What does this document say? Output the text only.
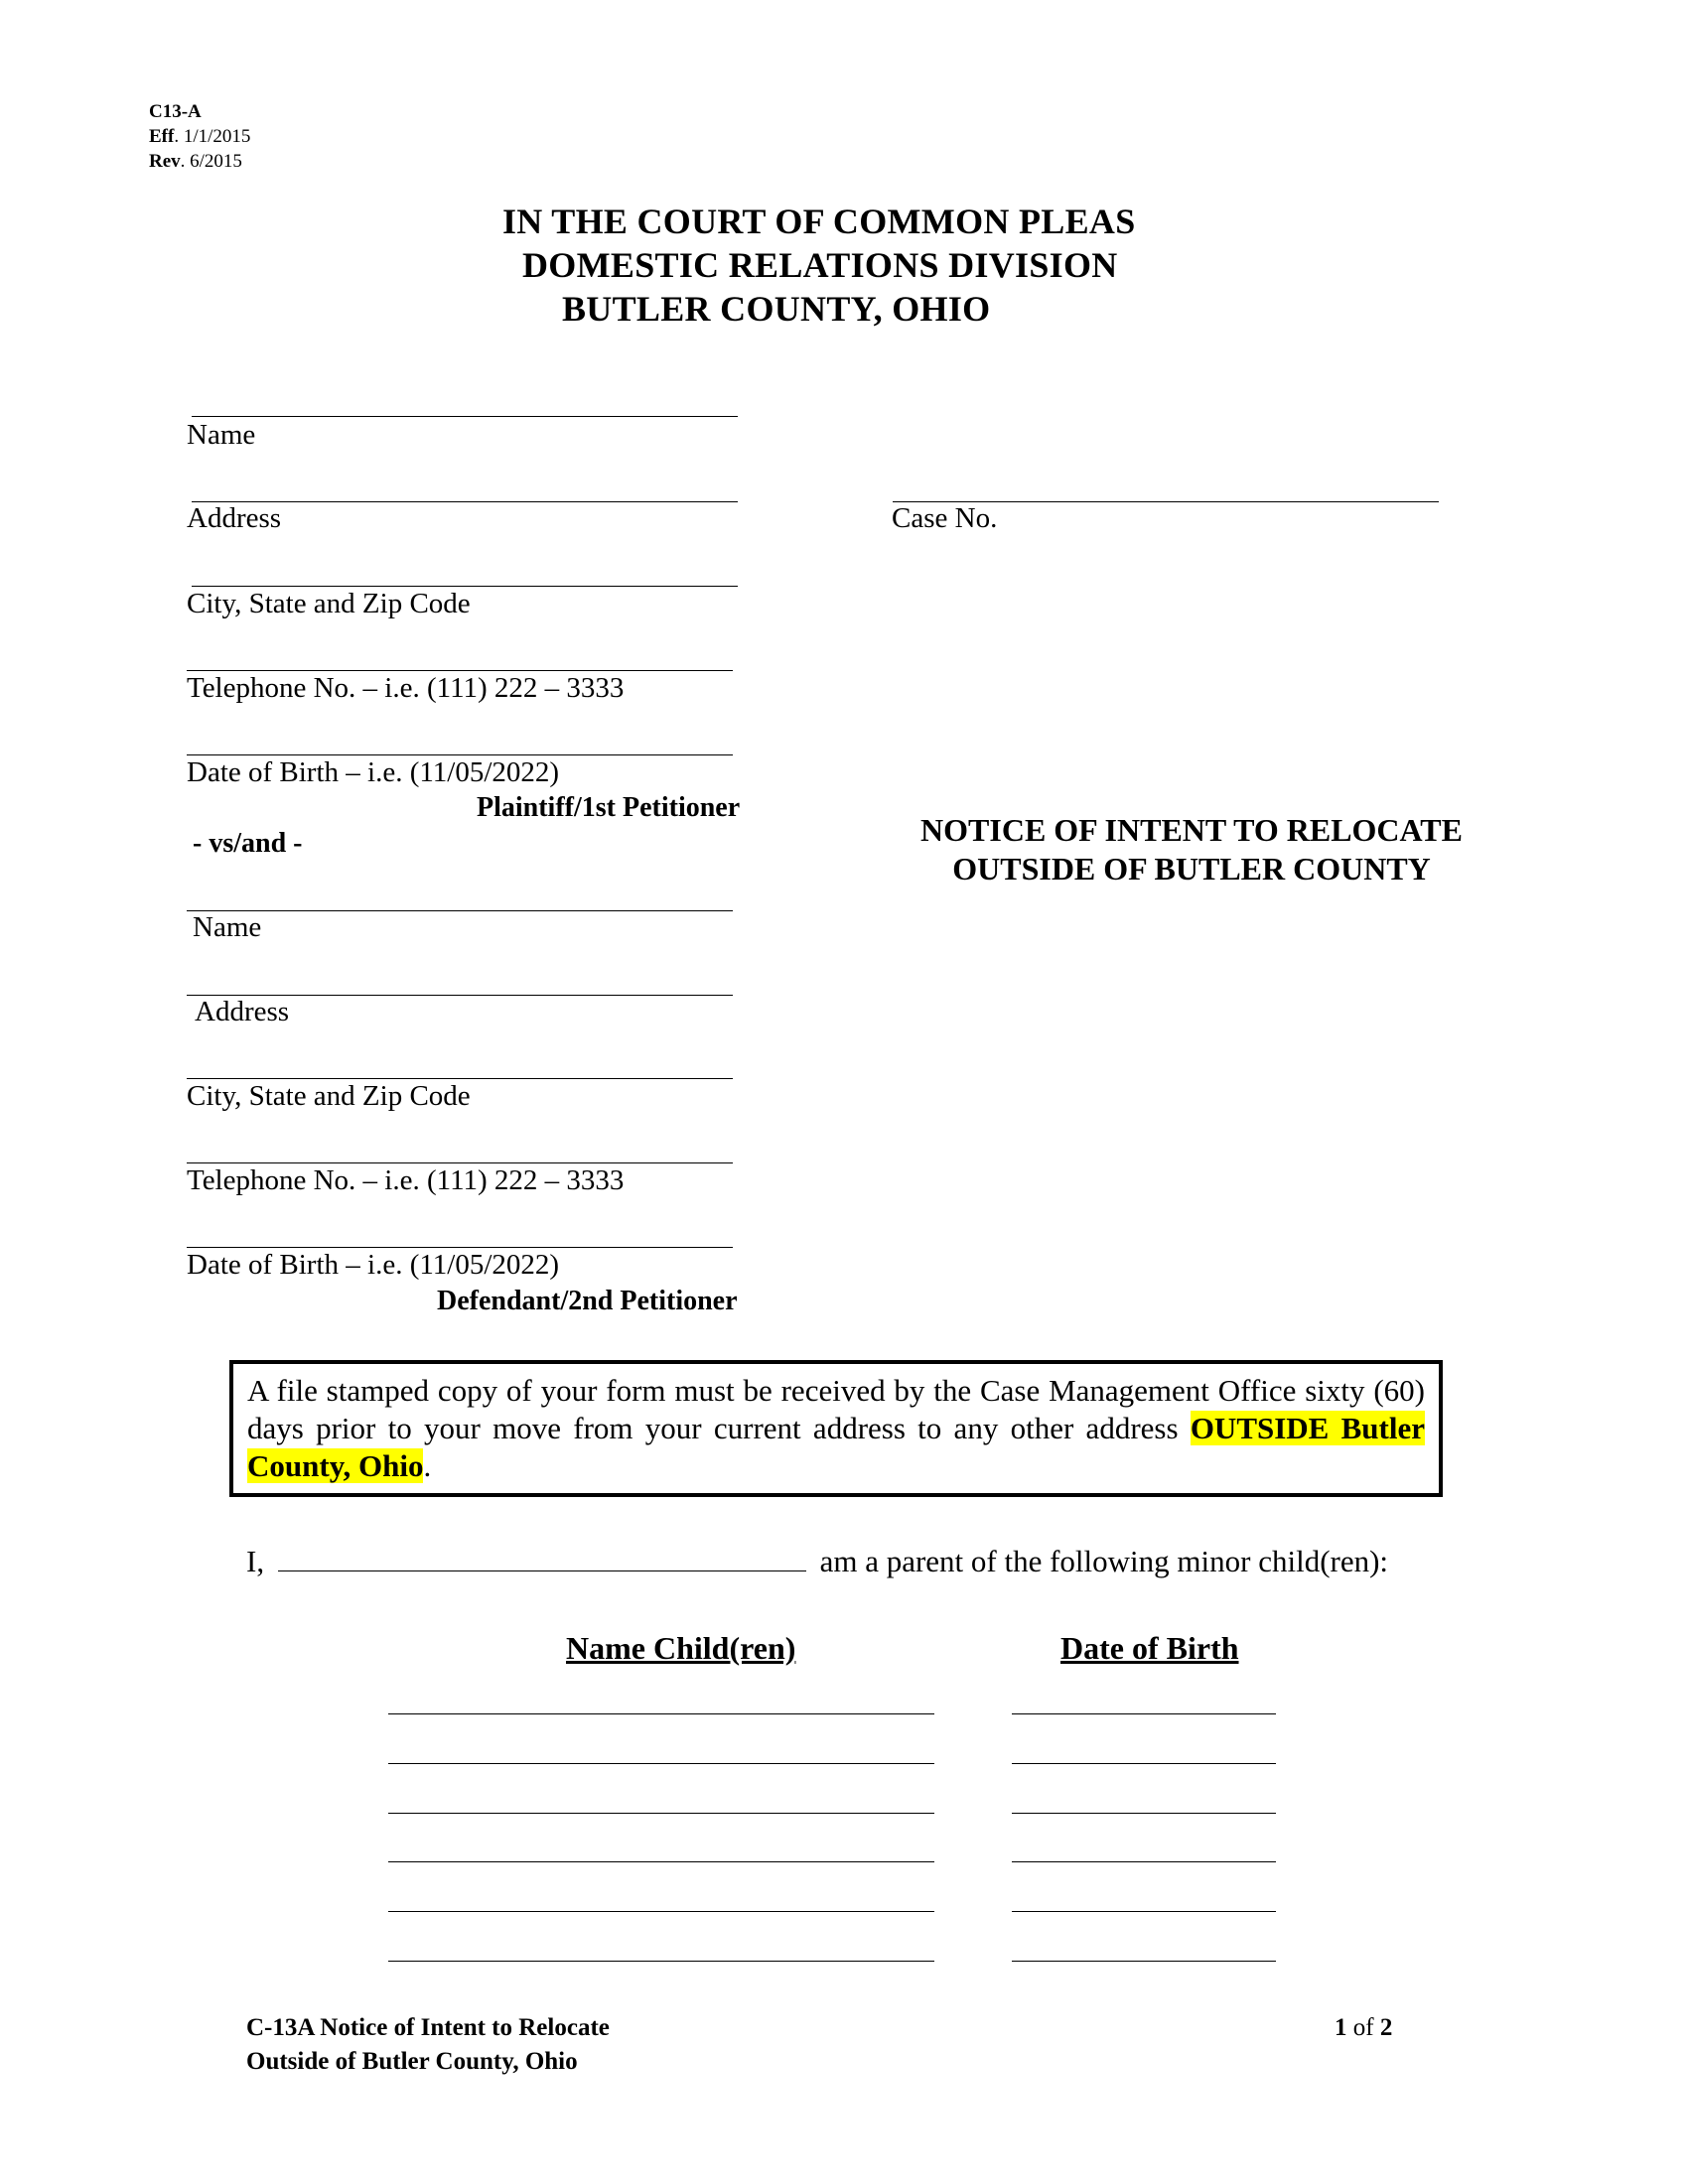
C13-A
Eff. 1/1/2015
Rev. 6/2015
IN THE COURT OF COMMON PLEAS
DOMESTIC RELATIONS DIVISION
BUTLER COUNTY, OHIO
Name
Address
City, State and Zip Code
Telephone No. – i.e. (111) 222 – 3333
Date of Birth – i.e. (11/05/2022)
Plaintiff/1st Petitioner
Case No.
- vs/and -	NOTICE OF INTENT TO RELOCATE
OUTSIDE OF BUTLER COUNTY
Name
Address
City, State and Zip Code
Telephone No. – i.e. (111) 222 – 3333
Date of Birth – i.e. (11/05/2022)
Defendant/2nd Petitioner

A file stamped copy of your form must be received by the Case Management Office sixty (60) days prior to your move from your current address to any other address OUTSIDE Butler County, Ohio.

I,	am a parent of the following minor child(ren):
Name Child(ren)	Date of Birth
C-13A Notice of Intent to Relocate
Outside of Butler County, Ohio
1 of 2
